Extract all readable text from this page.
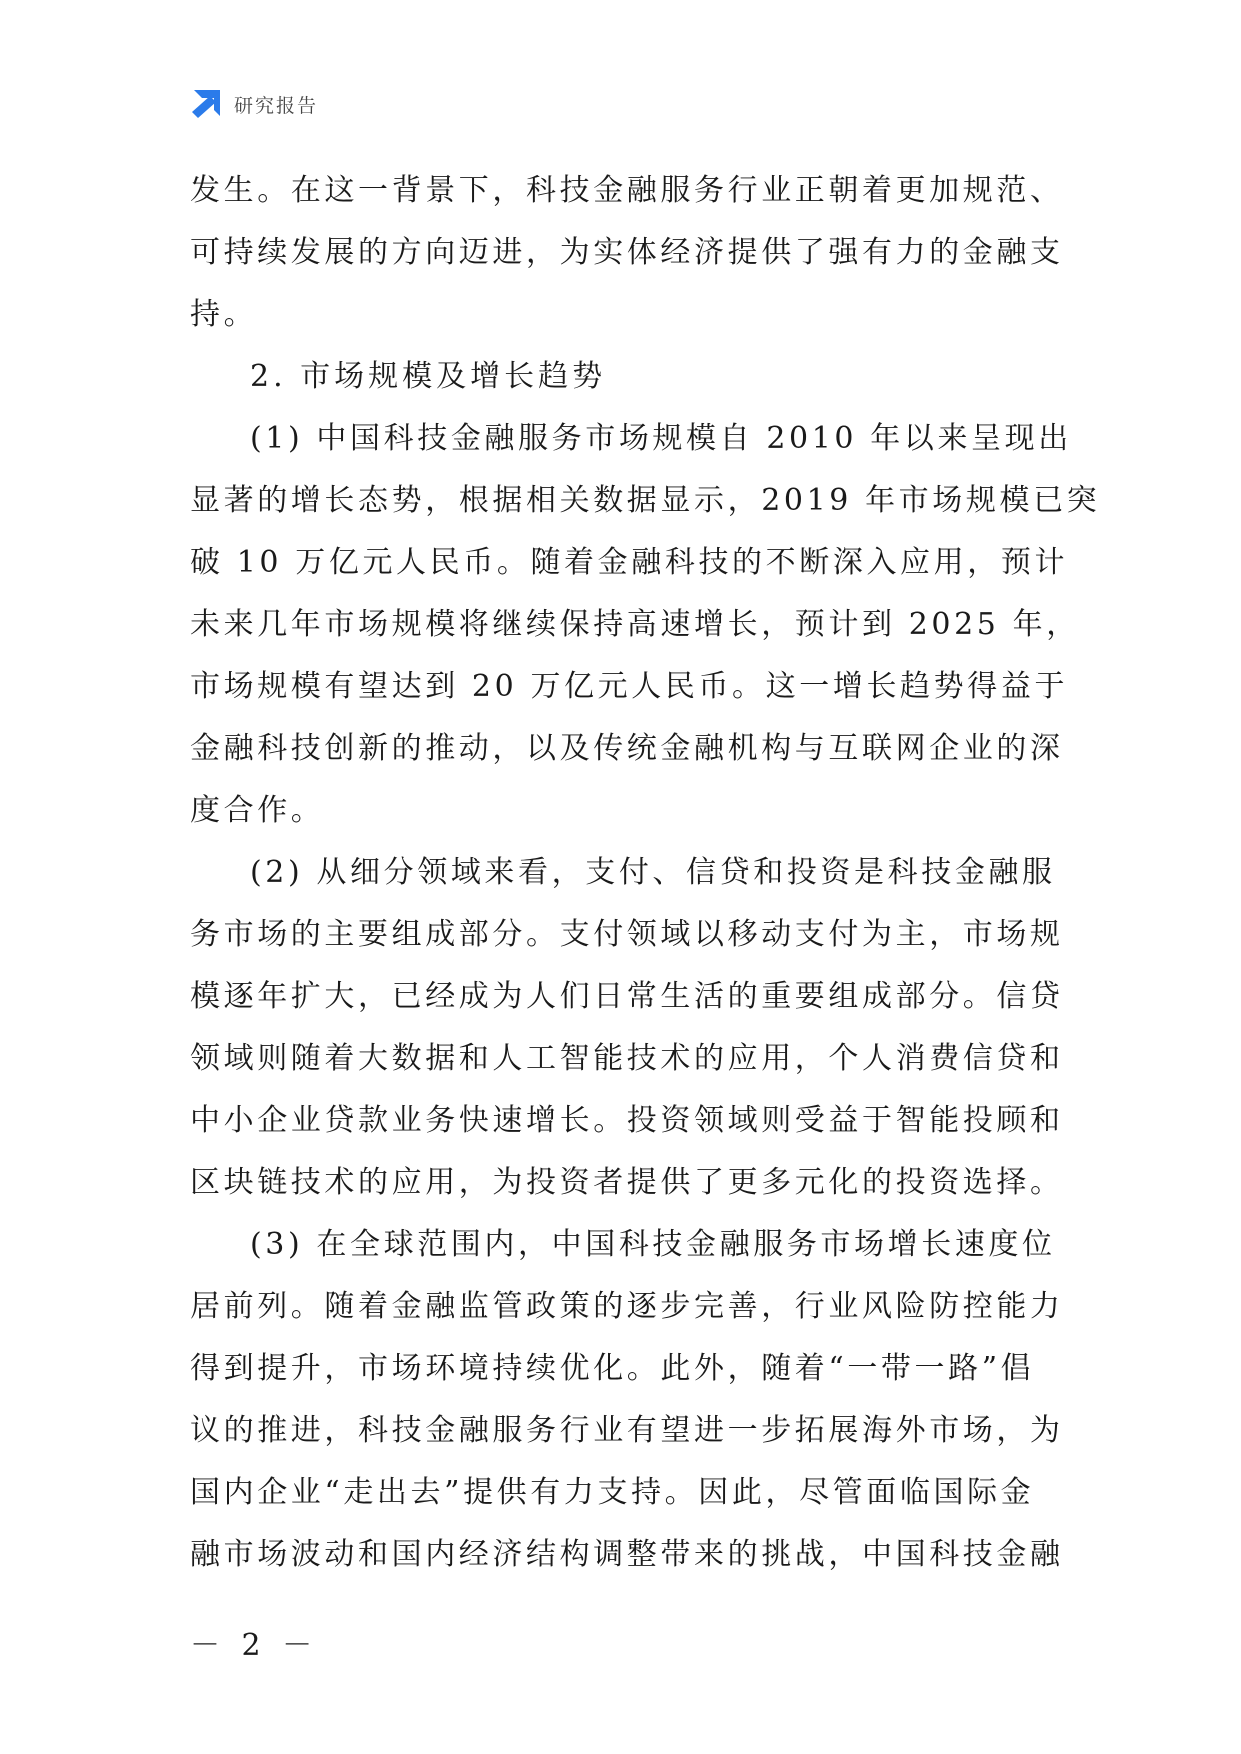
研究报告
发生。在这一背景下，科技金融服务行业正朝着更加规范、
可持续发展的方向迈进，为实体经济提供了强有力的金融支
持。
2. 市场规模及增长趋势
(1) 中国科技金融服务市场规模自 2010 年以来呈现出
显著的增长态势，根据相关数据显示，2019 年市场规模已突
破 10 万亿元人民币。随着金融科技的不断深入应用，预计
未来几年市场规模将继续保持高速增长，预计到 2025 年，
市场规模有望达到 20 万亿元人民币。这一增长趋势得益于
金融科技创新的推动，以及传统金融机构与互联网企业的深
度合作。
(2) 从细分领域来看，支付、信贷和投资是科技金融服
务市场的主要组成部分。支付领域以移动支付为主，市场规
模逐年扩大，已经成为人们日常生活的重要组成部分。信贷
领域则随着大数据和人工智能技术的应用，个人消费信贷和
中小企业贷款业务快速增长。投资领域则受益于智能投顾和
区块链技术的应用，为投资者提供了更多元化的投资选择。
(3) 在全球范围内，中国科技金融服务市场增长速度位
居前列。随着金融监管政策的逐步完善，行业风险防控能力
得到提升，市场环境持续优化。此外，随着“一带一路”倡
议的推进，科技金融服务行业有望进一步拓展海外市场，为
国内企业“走出去”提供有力支持。因此，尽管面临国际金
融市场波动和国内经济结构调整带来的挑战，中国科技金融
－ 2 －
